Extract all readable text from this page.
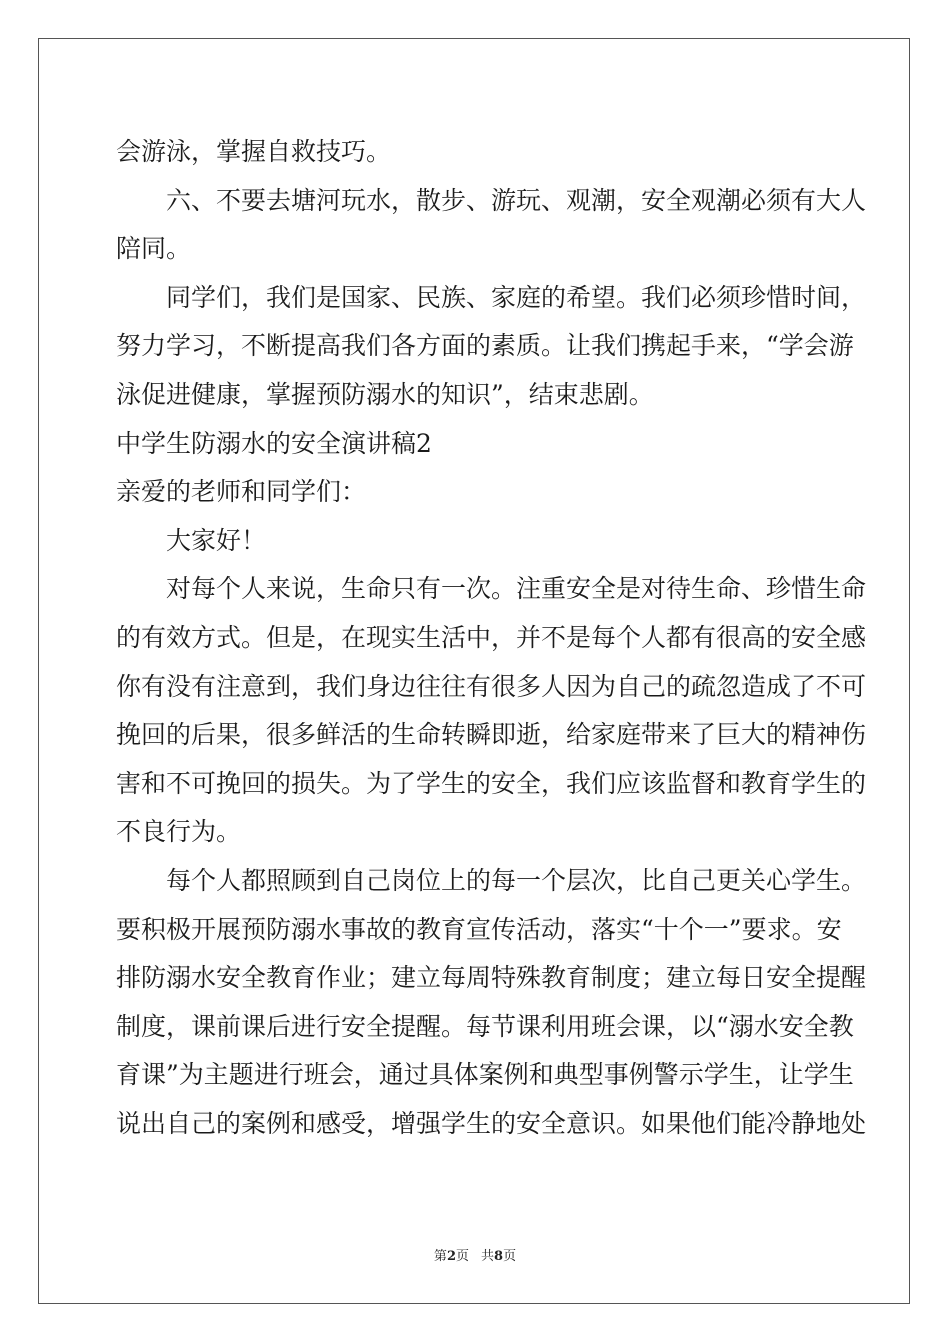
会游泳，掌握自救技巧。
六、不要去塘河玩水，散步、游玩、观潮，安全观潮必须有大人
陪同。
同学们，我们是国家、民族、家庭的希望。我们必须珍惜时间，
努力学习，不断提高我们各方面的素质。让我们携起手来，“学会游
泳促进健康，掌握预防溺水的知识”，结束悲剧。
中学生防溺水的安全演讲稿2
亲爱的老师和同学们：
大家好！
对每个人来说，生命只有一次。注重安全是对待生命、珍惜生命
的有效方式。但是，在现实生活中，并不是每个人都有很高的安全感
你有没有注意到，我们身边往往有很多人因为自己的疏忽造成了不可
挽回的后果，很多鲜活的生命转瞬即逝，给家庭带来了巨大的精神伤
害和不可挽回的损失。为了学生的安全，我们应该监督和教育学生的
不良行为。
每个人都照顾到自己岗位上的每一个层次，比自己更关心学生。
要积极开展预防溺水事故的教育宣传活动，落实“十个一”要求。安
排防溺水安全教育作业；建立每周特殊教育制度；建立每日安全提醒
制度，课前课后进行安全提醒。每节课利用班会课，以“溺水安全教
育课”为主题进行班会，通过具体案例和典型事例警示学生，让学生
说出自己的案例和感受，增强学生的安全意识。如果他们能冷静地处
第2页 共8页
